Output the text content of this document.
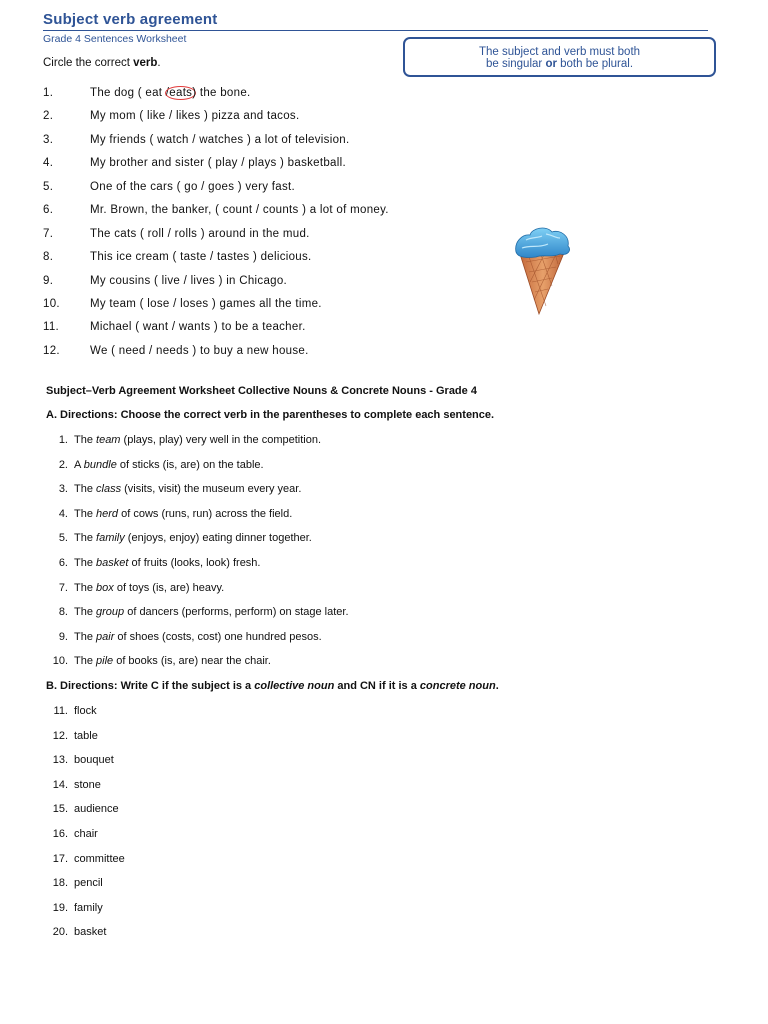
Subject verb agreement
Grade 4 Sentences Worksheet
The subject and verb must both
be singular or both be plural.
Circle the correct verb.
1.	The dog ( eat /eats) the bone.
2.	My mom ( like / likes ) pizza and tacos.
3.	My friends ( watch / watches ) a lot of television.
4.	My brother and sister ( play / plays ) basketball.
5.	One of the cars ( go / goes ) very fast.
6.	Mr. Brown, the banker, ( count / counts ) a lot of money.
7.	The cats ( roll / rolls ) around in the mud.
8.	This ice cream ( taste / tastes ) delicious.
9.	My cousins ( live / lives ) in Chicago.
10.	My team ( lose / loses ) games all the time.
11.	Michael ( want / wants ) to be a teacher.
12.	We ( need / needs ) to buy a new house.
Subject–Verb Agreement Worksheet Collective Nouns & Concrete Nouns - Grade 4
A. Directions: Choose the correct verb in the parentheses to complete each sentence.
1. The team (plays, play) very well in the competition.
2. A bundle of sticks (is, are) on the table.
3. The class (visits, visit) the museum every year.
4. The herd of cows (runs, run) across the field.
5. The family (enjoys, enjoy) eating dinner together.
6. The basket of fruits (looks, look) fresh.
7. The box of toys (is, are) heavy.
8. The group of dancers (performs, perform) on stage later.
9. The pair of shoes (costs, cost) one hundred pesos.
10. The pile of books (is, are) near the chair.
B. Directions: Write C if the subject is a collective noun and CN if it is a concrete noun.
11. flock
12. table
13. bouquet
14. stone
15. audience
16. chair
17. committee
18. pencil
19. family
20. basket
